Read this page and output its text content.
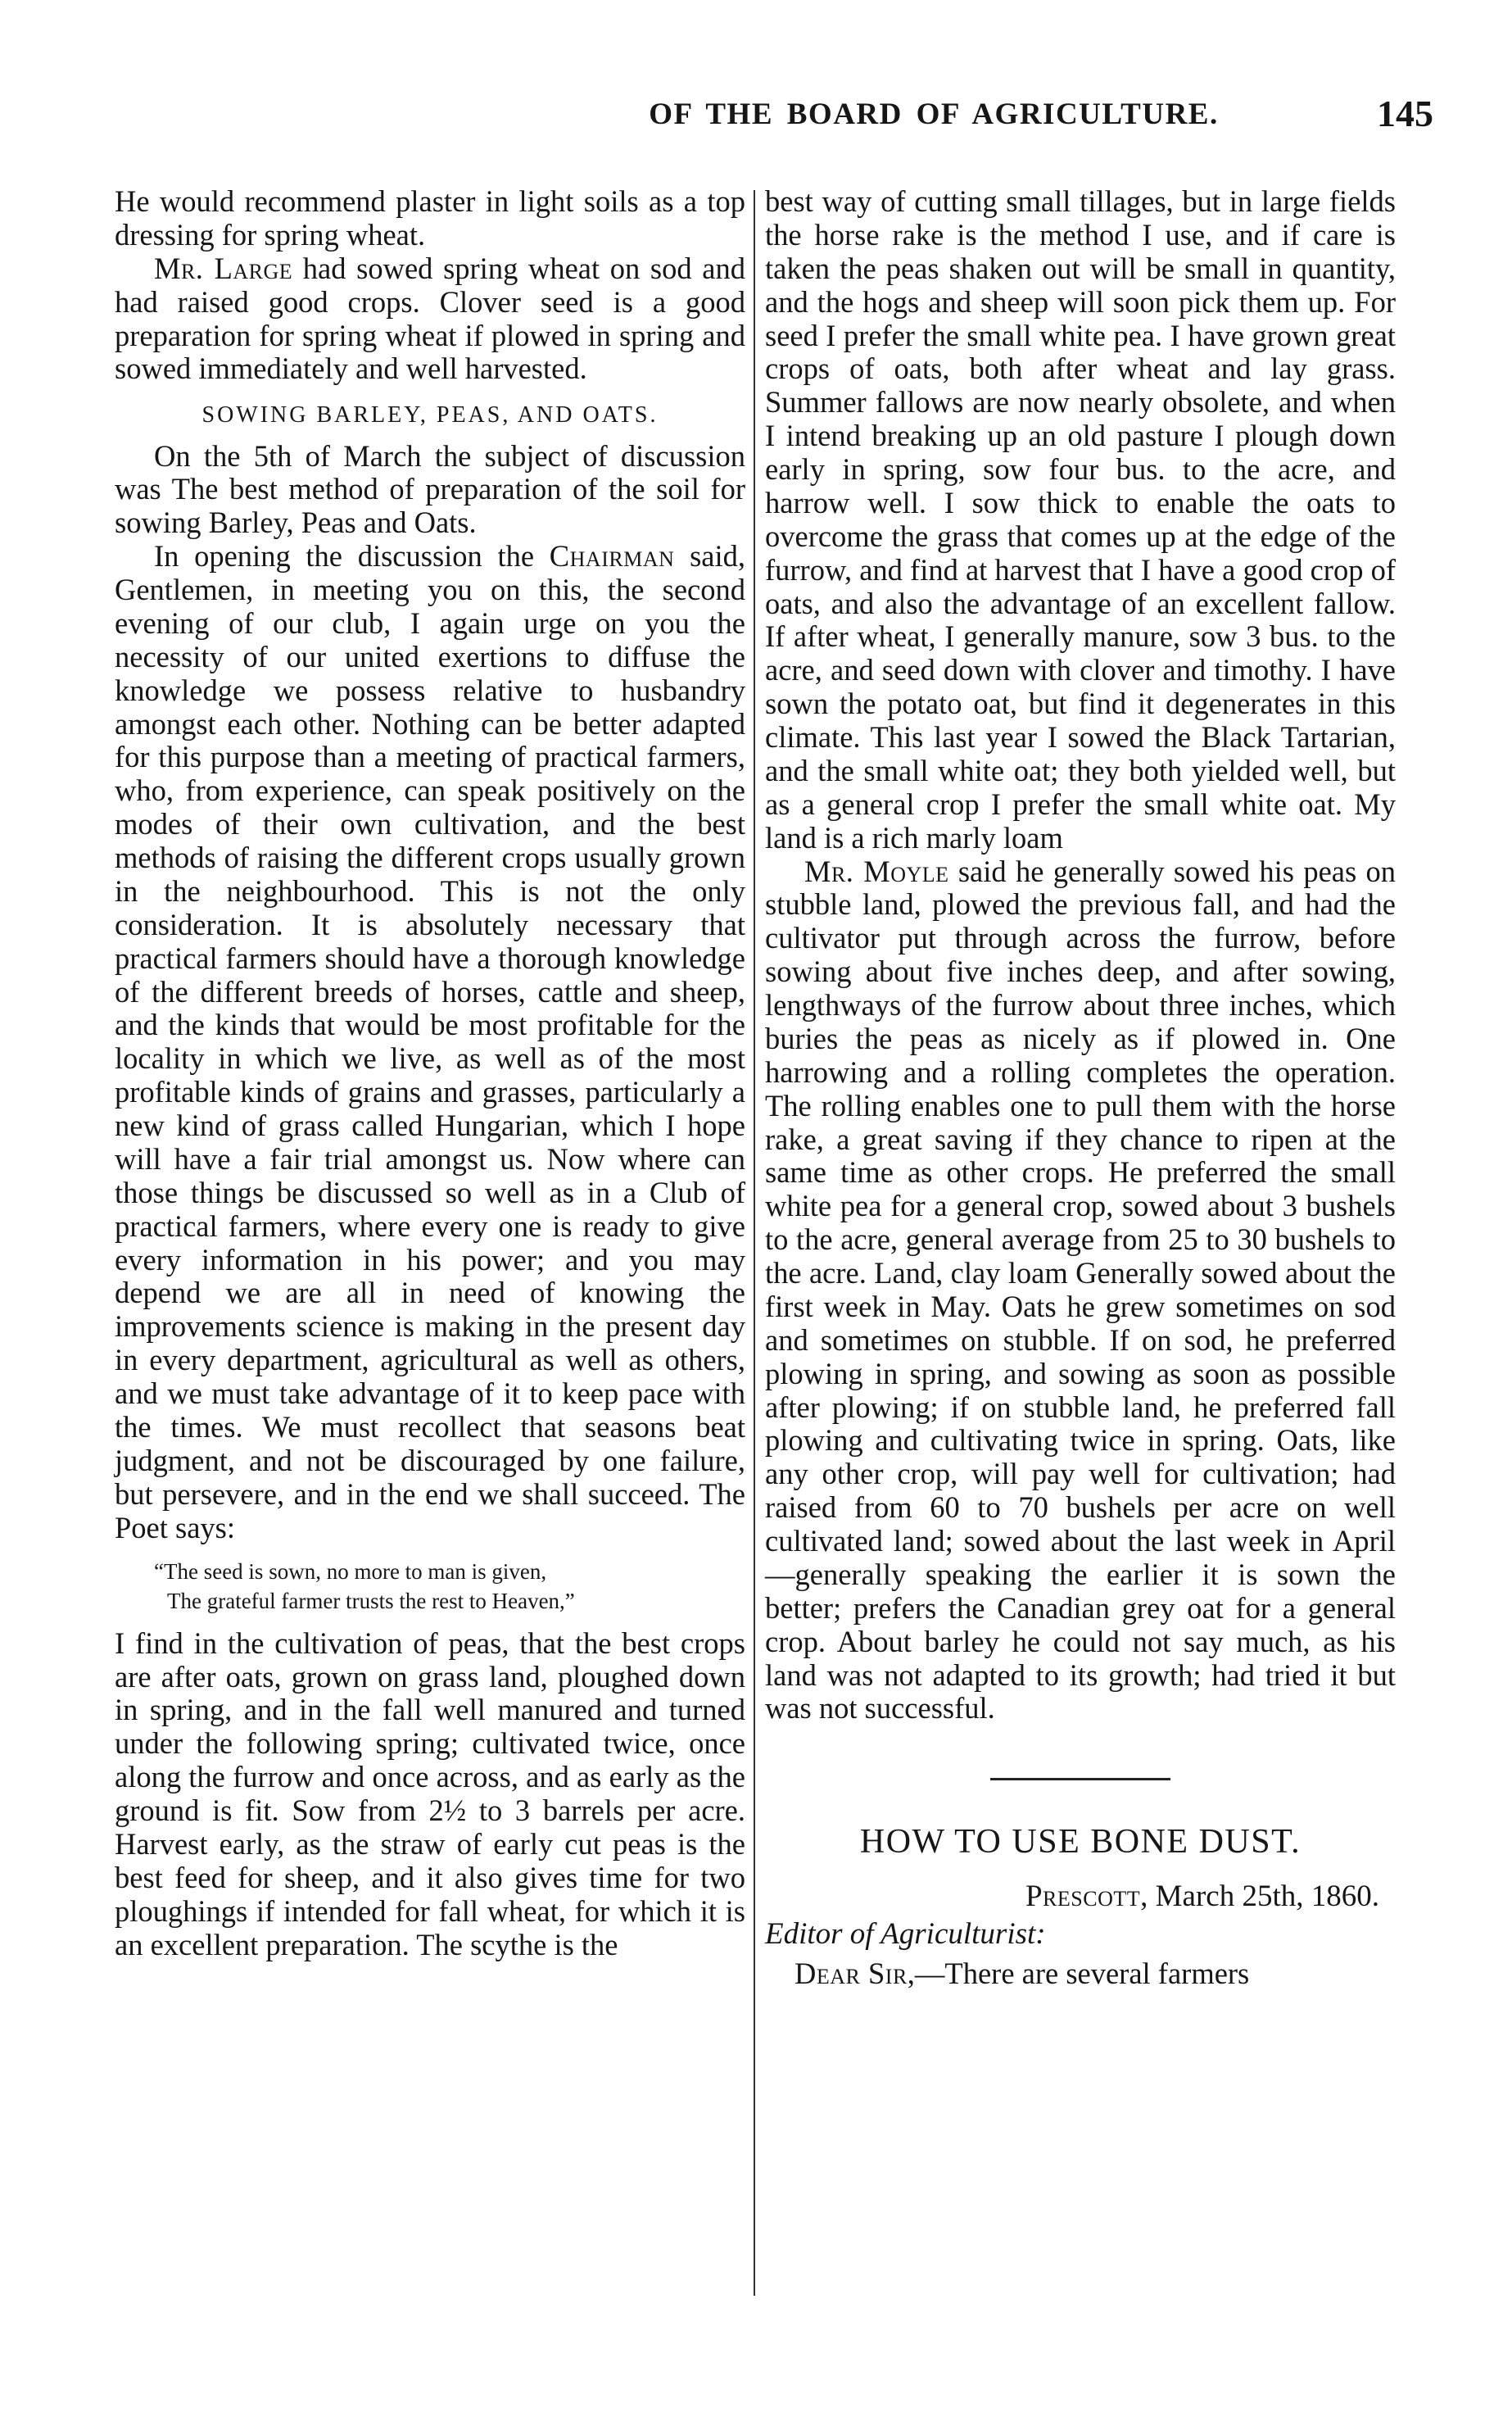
OF THE BOARD OF AGRICULTURE.	145

He would recommend plaster in light soils as a top dressing for spring wheat.

Mr. Large had sowed spring wheat on sod and had raised good crops. Clover seed is a good preparation for spring wheat if plowed in spring and sowed immediately and well harvested.

SOWING BARLEY, PEAS, AND OATS.

On the 5th of March the subject of discussion was The best method of preparation of the soil for sowing Barley, Peas and Oats.

In opening the discussion the Chairman said, Gentlemen, in meeting you on this, the second evening of our club, I again urge on you the necessity of our united exertions to diffuse the knowledge we possess relative to husbandry amongst each other. Nothing can be better adapted for this purpose than a meeting of practical farmers, who, from experience, can speak positively on the modes of their own cultivation, and the best methods of raising the different crops usually grown in the neighbourhood. This is not the only consideration. It is absolutely necessary that practical farmers should have a thorough knowledge of the different breeds of horses, cattle and sheep, and the kinds that would be most profitable for the locality in which we live, as well as of the most profitable kinds of grains and grasses, particularly a new kind of grass called Hungarian, which I hope will have a fair trial amongst us. Now where can those things be discussed so well as in a Club of practical farmers, where every one is ready to give every information in his power; and you may depend we are all in need of knowing the improvements science is making in the present day in every department, agricultural as well as others, and we must take advantage of it to keep pace with the times. We must recollect that seasons beat judgment, and not be discouraged by one failure, but persevere, and in the end we shall succeed. The Poet says:

“The seed is sown, no more to man is given,
The grateful farmer trusts the rest to Heaven,”

I find in the cultivation of peas, that the best crops are after oats, grown on grass land, ploughed down in spring, and in the fall well manured and turned under the following spring; cultivated twice, once along the furrow and once across, and as early as the ground is fit. Sow from 2½ to 3 barrels per acre. Harvest early, as the straw of early cut peas is the best feed for sheep, and it also gives time for two ploughings if intended for fall wheat, for which it is an excellent preparation. The scythe is the

best way of cutting small tillages, but in large fields the horse rake is the method I use, and if care is taken the peas shaken out will be small in quantity, and the hogs and sheep will soon pick them up. For seed I prefer the small white pea. I have grown great crops of oats, both after wheat and lay grass. Summer fallows are now nearly obsolete, and when I intend breaking up an old pasture I plough down early in spring, sow four bus. to the acre, and harrow well. I sow thick to enable the oats to overcome the grass that comes up at the edge of the furrow, and find at harvest that I have a good crop of oats, and also the advantage of an excellent fallow. If after wheat, I generally manure, sow 3 bus. to the acre, and seed down with clover and timothy. I have sown the potato oat, but find it degenerates in this climate. This last year I sowed the Black Tartarian, and the small white oat; they both yielded well, but as a general crop I prefer the small white oat. My land is a rich marly loam

Mr. Moyle said he generally sowed his peas on stubble land, plowed the previous fall, and had the cultivator put through across the furrow, before sowing about five inches deep, and after sowing, lengthways of the furrow about three inches, which buries the peas as nicely as if plowed in. One harrowing and a rolling completes the operation. The rolling enables one to pull them with the horse rake, a great saving if they chance to ripen at the same time as other crops. He preferred the small white pea for a general crop, sowed about 3 bushels to the acre, general average from 25 to 30 bushels to the acre. Land, clay loam Generally sowed about the first week in May. Oats he grew sometimes on sod and sometimes on stubble. If on sod, he preferred plowing in spring, and sowing as soon as possible after plowing; if on stubble land, he preferred fall plowing and cultivating twice in spring. Oats, like any other crop, will pay well for cultivation; had raised from 60 to 70 bushels per acre on well cultivated land; sowed about the last week in April—generally speaking the earlier it is sown the better; prefers the Canadian grey oat for a general crop. About barley he could not say much, as his land was not adapted to its growth; had tried it but was not successful.

HOW TO USE BONE DUST.
Prescott, March 25th, 1860.
Editor of Agriculturist:

Dear Sir,—There are several farmers
